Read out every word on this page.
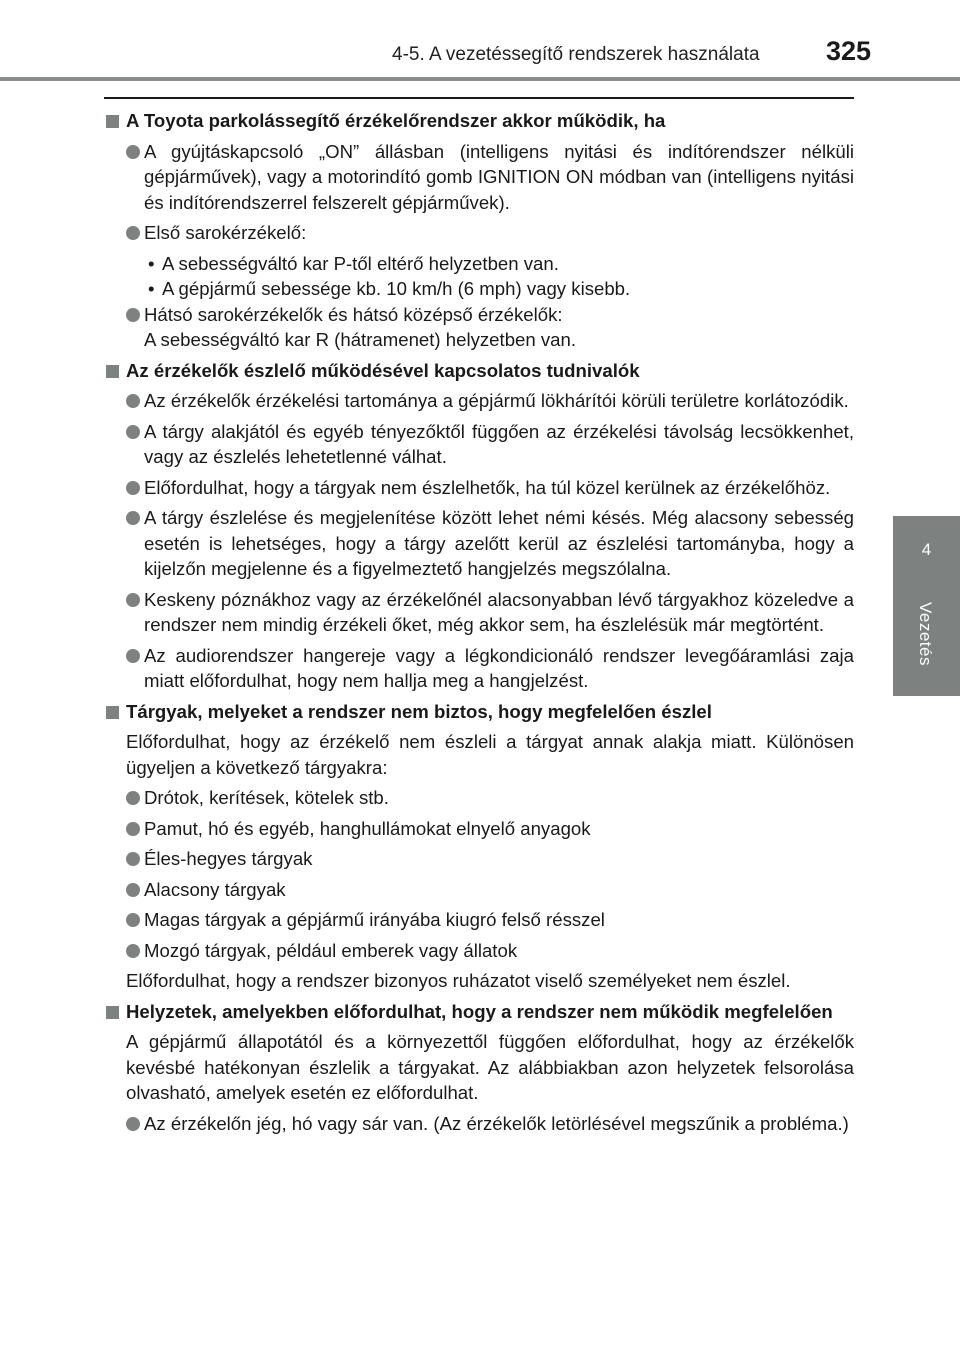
4-5. A vezetéssegítő rendszerek használata 325
4
Vezetés
A Toyota parkolássegítő érzékelőrendszer akkor működik, ha
A gyújtáskapcsoló „ON” állásban (intelligens nyitási és indítórendszer nélküli gépjárművek), vagy a motorindító gomb IGNITION ON módban van (intelligens nyitási és indítórendszerrel felszerelt gépjárművek).
Első sarokérzékelő:
• A sebességváltó kar P-től eltérő helyzetben van.
• A gépjármű sebessége kb. 10 km/h (6 mph) vagy kisebb.
Hátsó sarokérzékelők és hátsó középső érzékelők:
A sebességváltó kar R (hátramenet) helyzetben van.
Az érzékelők észlelő működésével kapcsolatos tudnivalók
Az érzékelők érzékelési tartománya a gépjármű lökhárítói körüli területre korlátozódik.
A tárgy alakjától és egyéb tényezőktől függően az érzékelési távolság lecsökkenhet, vagy az észlelés lehetetlenné válhat.
Előfordulhat, hogy a tárgyak nem észlelhetők, ha túl közel kerülnek az érzékelőhöz.
A tárgy észlelése és megjelenítése között lehet némi késés. Még alacsony sebesség esetén is lehetséges, hogy a tárgy azelőtt kerül az észlelési tartományba, hogy a kijelzőn megjelenne és a figyelmeztető hangjelzés megszólalna.
Keskeny póznákhoz vagy az érzékelőnél alacsonyabban lévő tárgyakhoz közeledve a rendszer nem mindig érzékeli őket, még akkor sem, ha észlelésük már megtörtént.
Az audiorendszer hangereje vagy a légkondicionáló rendszer levegőáramlási zaja miatt előfordulhat, hogy nem hallja meg a hangjelzést.
Tárgyak, melyeket a rendszer nem biztos, hogy megfelelően észlel
Előfordulhat, hogy az érzékelő nem észleli a tárgyat annak alakja miatt. Különösen ügyeljen a következő tárgyakra:
Drótok, kerítések, kötelek stb.
Pamut, hó és egyéb, hanghullámokat elnyelő anyagok
Éles-hegyes tárgyak
Alacsony tárgyak
Magas tárgyak a gépjármű irányába kiugró felső résszel
Mozgó tárgyak, például emberek vagy állatok
Előfordulhat, hogy a rendszer bizonyos ruházatot viselő személyeket nem észlel.
Helyzetek, amelyekben előfordulhat, hogy a rendszer nem működik megfelelően
A gépjármű állapotától és a környezettől függően előfordulhat, hogy az érzékelők kevésbé hatékonyan észlelik a tárgyakat. Az alábbiakban azon helyzetek felsorolása olvasható, amelyek esetén ez előfordulhat.
Az érzékelőn jég, hó vagy sár van. (Az érzékelők letörlésével megszűnik a probléma.)
